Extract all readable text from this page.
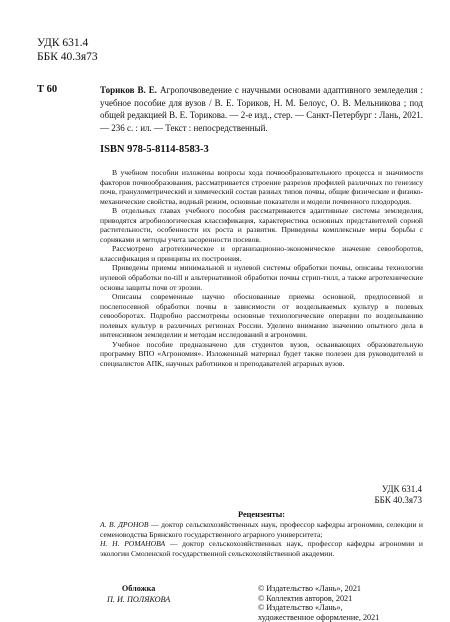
УДК 631.4
ББК 40.3я73
Т 60	Ториков В. Е. Агропочвоведение с научными основами адаптивного земледелия : учебное пособие для вузов / В. Е. Ториков, Н. М. Белоус, О. В. Мельникова ; под общей редакцией В. Е. Торикова. — 2-е изд., стер. — Санкт-Петербург : Лань, 2021. — 236 с. : ил. — Текст : непосредственный.
ISBN 978-5-8114-8583-3

В учебном пособии изложены вопросы хода почвообразовательного процесса и значимости факторов почвообразования, рассматривается строение разрезов профилей различных по генезису почв, гранулометрический и химический состав разных типов почвы, общие физические и физико-механические свойства, водный режим, основные показатели и модели почвенного плодородия.

В отдельных главах учебного пособия рассматриваются адаптивные системы земледелия, приводятся агробиологическая классификация, характеристика основных представителей сорной растительности, особенности их роста и развития. Приведены комплексные меры борьбы с сорняками и методы учета засоренности посевов.

Рассмотрено агротехническое и организационно-экономическое значение севооборотов, классификация и принципы их построения.

Приведены приемы минимальной и нулевой системы обработки почвы, описаны технологии нулевой обработки no-till и альтернативной обработки почвы стрип-тилл, а также агротехнические основы защиты почв от эрозии.

Описаны современные научно обоснованные приемы основной, предпосевной и послепосевной обработки почвы в зависимости от возделываемых культур в полевых севооборотах. Подробно рассмотрены основные технологические операции по возделыванию полевых культур в различных регионах России. Уделено внимание значению опытного дела в интенсивном земледелии и методам исследований в агрономии.

Учебное пособие предназначено для студентов вузов, осваивающих образовательную программу ВПО «Агрономия». Изложенный материал будет также полезен для руководителей и специалистов АПК, научных работников и преподавателей аграрных вузов.

УДК 631.4
ББК 40.3я73
Рецензенты:

А. В. ДРОНОВ — доктор сельскохозяйственных наук, профессор кафедры агрономии, селекции и семеноводства Брянского государственного аграрного университета;

Н. Н. РОМАНОВА — доктор сельскохозяйственных наук, профессор кафедры агрономии и экологии Смоленской государственной сельскохозяйственной академии.

Обложка
П. И. ПОЛЯКОВА
© Издательство «Лань», 2021
© Коллектив авторов, 2021
© Издательство «Лань»,
художественное оформление, 2021
